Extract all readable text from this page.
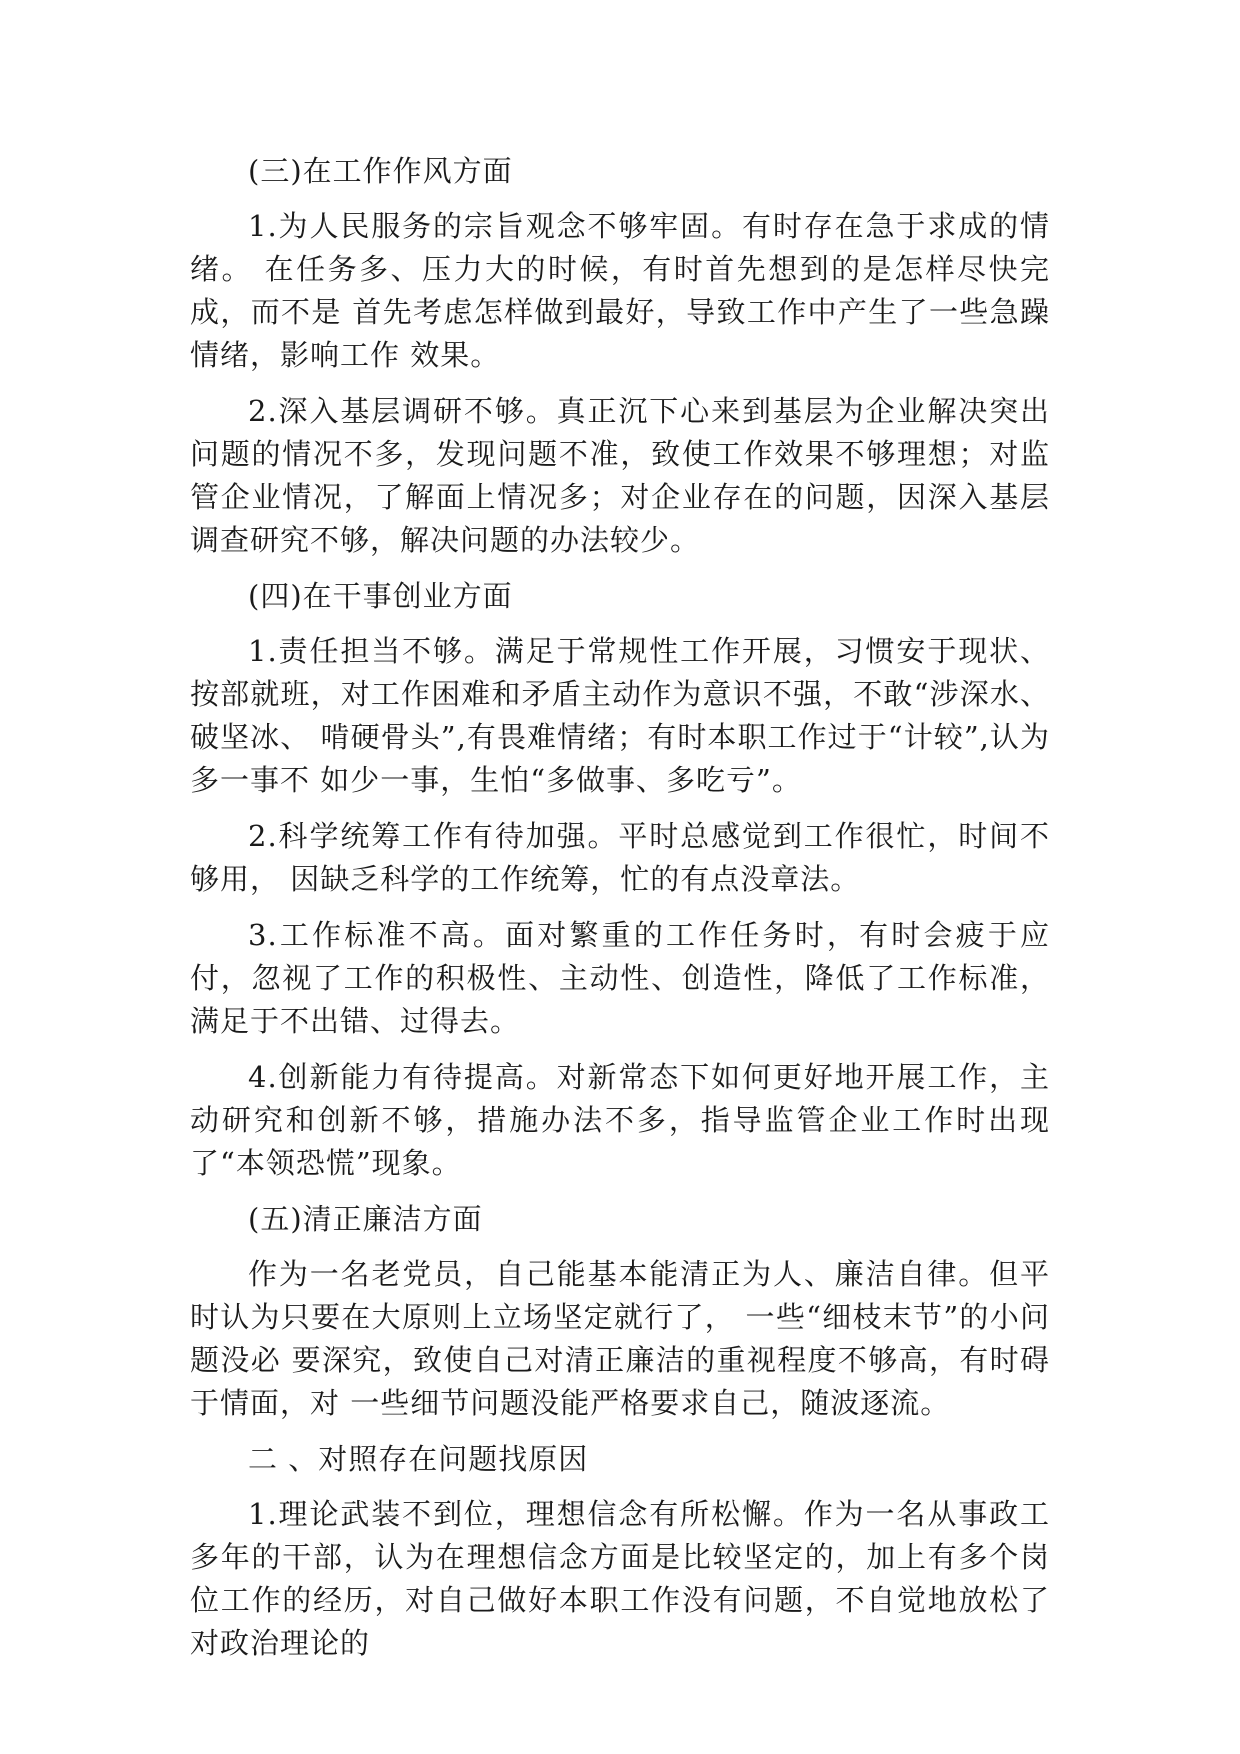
(三)在工作作风方面
1.为人民服务的宗旨观念不够牢固。有时存在急于求成的情绪。 在任务多、压力大的时候，有时首先想到的是怎样尽快完成，而不是 首先考虑怎样做到最好，导致工作中产生了一些急躁情绪，影响工作 效果。
2.深入基层调研不够。真正沉下心来到基层为企业解决突出问题的情况不多，发现问题不准，致使工作效果不够理想；对监管企业情况，了解面上情况多；对企业存在的问题，因深入基层调查研究不够，解决问题的办法较少。
(四)在干事创业方面
1.责任担当不够。满足于常规性工作开展，习惯安于现状、按部就班，对工作困难和矛盾主动作为意识不强，不敢“涉深水、破坚冰、 啃硬骨头”,有畏难情绪；有时本职工作过于“计较”,认为多一事不 如少一事，生怕“多做事、多吃亏”。
2.科学统筹工作有待加强。平时总感觉到工作很忙，时间不够用， 因缺乏科学的工作统筹，忙的有点没章法。
3.工作标准不高。面对繁重的工作任务时，有时会疲于应付，忽视了工作的积极性、主动性、创造性，降低了工作标准，满足于不出错、过得去。
4.创新能力有待提高。对新常态下如何更好地开展工作，主动研究和创新不够，措施办法不多，指导监管企业工作时出现了“本领恐慌”现象。
(五)清正廉洁方面
作为一名老党员，自己能基本能清正为人、廉洁自律。但平时认为只要在大原则上立场坚定就行了， 一些“细枝末节”的小问题没必 要深究，致使自己对清正廉洁的重视程度不够高，有时碍于情面，对 一些细节问题没能严格要求自己，随波逐流。
二 、对照存在问题找原因
1.理论武装不到位，理想信念有所松懈。作为一名从事政工多年的干部，认为在理想信念方面是比较坚定的，加上有多个岗位工作的经历，对自己做好本职工作没有问题，不自觉地放松了对政治理论的
